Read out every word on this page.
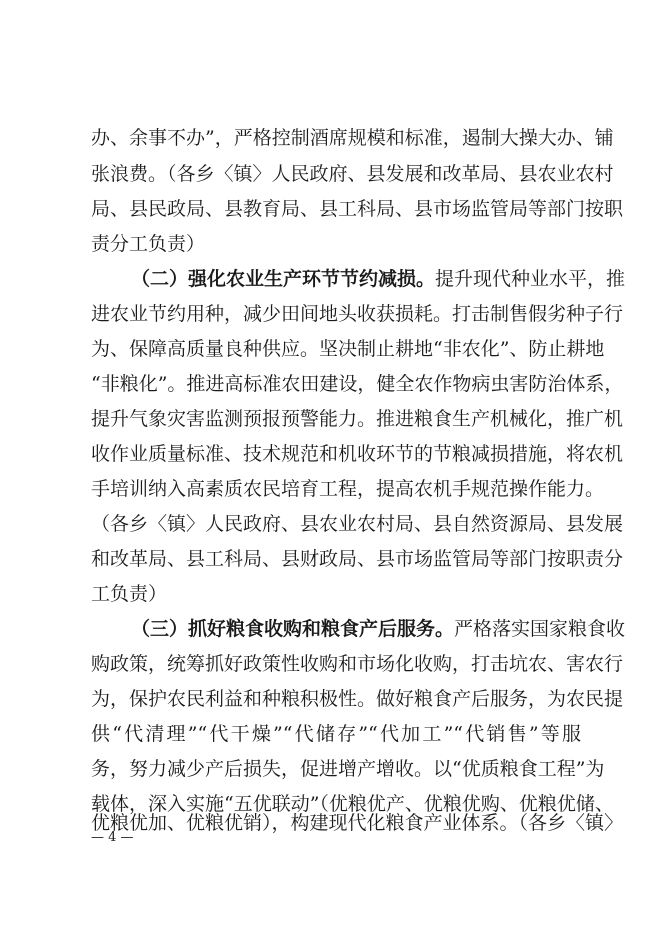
办、余事不办”，严格控制酒席规模和标准，遏制大操大办、铺
张浪费。（各乡〈镇〉人民政府、县发展和改革局、县农业农村
局、县民政局、县教育局、县工科局、县市场监管局等部门按职
责分工负责）
（二）强化农业生产环节节约减损。提升现代种业水平，推
进农业节约用种，减少田间地头收获损耗。打击制售假劣种子行
为、保障高质量良种供应。坚决制止耕地“非农化”、防止耕地
“非粮化”。推进高标准农田建设，健全农作物病虫害防治体系，
提升气象灾害监测预报预警能力。推进粮食生产机械化，推广机
收作业质量标准、技术规范和机收环节的节粮减损措施，将农机
手培训纳入高素质农民培育工程，提高农机手规范操作能力。
（各乡〈镇〉人民政府、县农业农村局、县自然资源局、县发展
和改革局、县工科局、县财政局、县市场监管局等部门按职责分
工负责）
（三）抓好粮食收购和粮食产后服务。严格落实国家粮食收
购政策，统筹抓好政策性收购和市场化收购，打击坑农、害农行
为，保护农民利益和种粮积极性。做好粮食产后服务，为农民提
供“代清理”“代干燥”“代储存”“代加工”“代销售”等服
务，努力减少产后损失，促进增产增收。以“优质粮食工程”为
载体，深入实施“五优联动”（优粮优产、优粮优购、优粮优储、
优粮优加、优粮优销），构建现代化粮食产业体系。（各乡〈镇〉
— 4 —
